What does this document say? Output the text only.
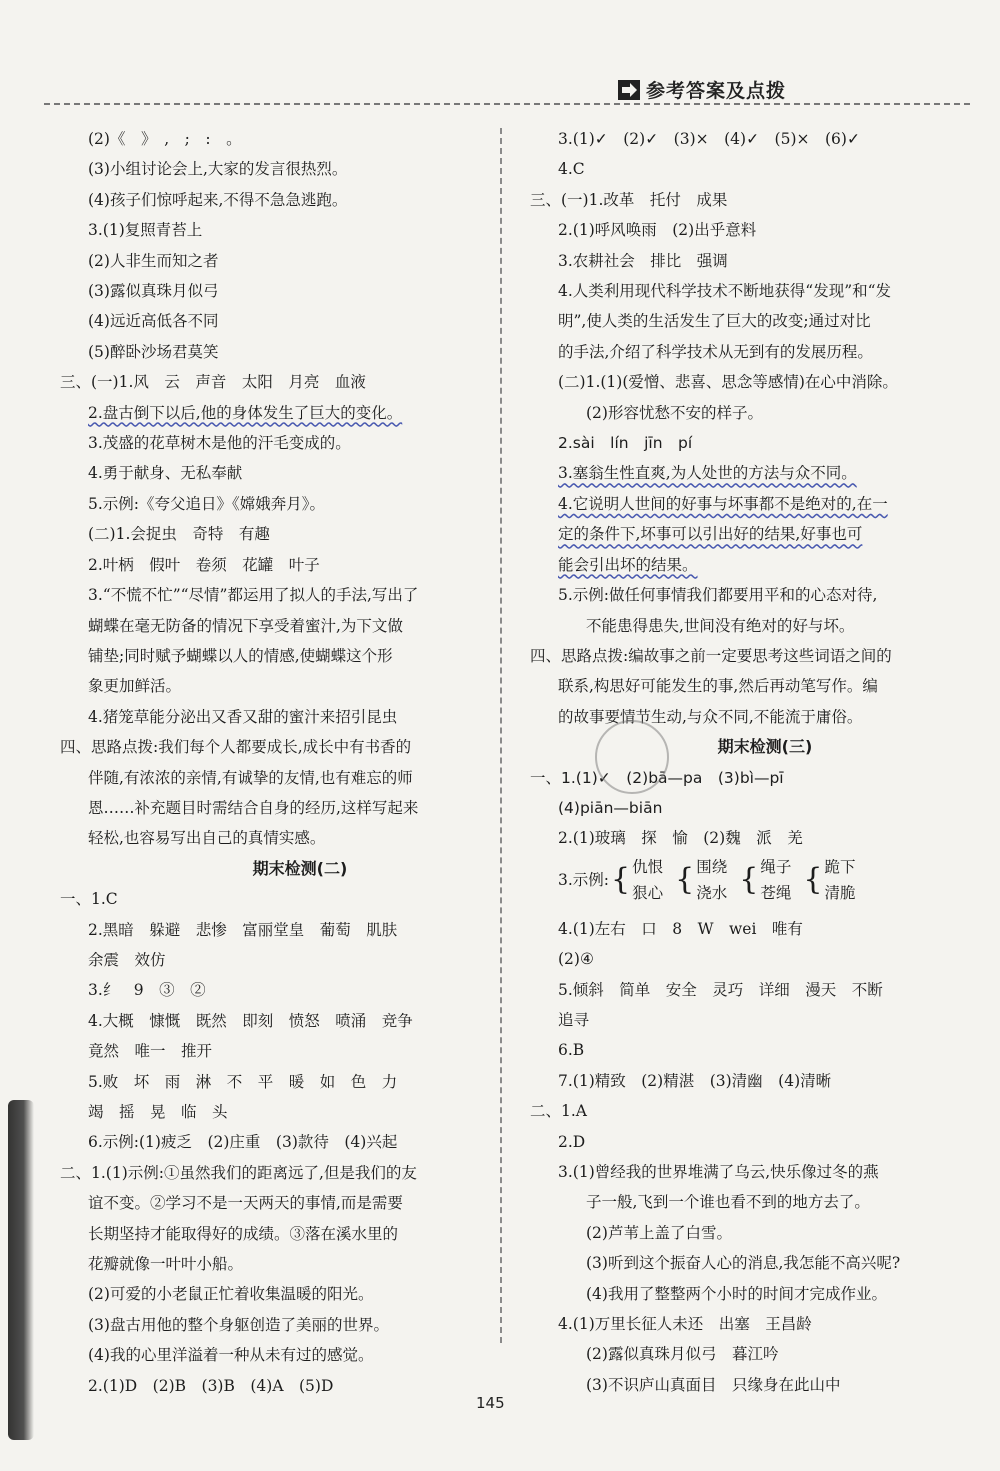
参考答案及点拨
(2)《　》　,　;　:　。
(3)小组讨论会上,大家的发言很热烈。
(4)孩子们惊呼起来,不得不急急逃跑。
3.(1)复照青苔上
(2)人非生而知之者
(3)露似真珠月似弓
(4)远近高低各不同
(5)醉卧沙场君莫笑
三、(一)1.风　云　声音　太阳　月亮　血液
2.盘古倒下以后,他的身体发生了巨大的变化。
3.茂盛的花草树木是他的汗毛变成的。
4.勇于献身、无私奉献
5.示例:《夸父追日》《嫦娥奔月》。
(二)1.会捉虫　奇特　有趣
2.叶柄　假叶　卷须　花罐　叶子
3.“不慌不忙”“尽情”都运用了拟人的手法,写出了
蝴蝶在毫无防备的情况下享受着蜜汁,为下文做
铺垫;同时赋予蝴蝶以人的情感,使蝴蝶这个形
象更加鲜活。
4.猪笼草能分泌出又香又甜的蜜汁来招引昆虫
四、思路点拨:我们每个人都要成长,成长中有书香的
伴随,有浓浓的亲情,有诚挚的友情,也有难忘的师
恩……补充题目时需结合自身的经历,这样写起来
轻松,也容易写出自己的真情实感。
期末检测(二)
一、1.C
2.黑暗　躲避　悲惨　富丽堂皇　葡萄　肌肤
余震　效仿
3.纟　9　③　②
4.大概　慷慨　既然　即刻　愤怒　喷涌　竞争
竟然　唯一　推开
5.败　坏　雨　淋　不　平　暖　如　色　力
竭　摇　晃　临　头
6.示例:(1)疲乏　(2)庄重　(3)款待　(4)兴起
二、1.(1)示例:①虽然我们的距离远了,但是我们的友
谊不变。②学习不是一天两天的事情,而是需要
长期坚持才能取得好的成绩。③落在溪水里的
花瓣就像一叶叶小船。
(2)可爱的小老鼠正忙着收集温暖的阳光。
(3)盘古用他的整个身躯创造了美丽的世界。
(4)我的心里洋溢着一种从未有过的感觉。
2.(1)D　(2)B　(3)B　(4)A　(5)D
3.(1)✓　(2)✓　(3)×　(4)✓　(5)×　(6)✓
4.C
三、(一)1.改革　托付　成果
2.(1)呼风唤雨　(2)出乎意料
3.农耕社会　排比　强调
4.人类利用现代科学技术不断地获得“发现”和“发
明”,使人类的生活发生了巨大的改变;通过对比
的手法,介绍了科学技术从无到有的发展历程。
(二)1.(1)(爱憎、悲喜、思念等感情)在心中消除。
(2)形容忧愁不安的样子。
2.sài　lín　jīn　pí
3.塞翁生性直爽,为人处世的方法与众不同。
4.它说明人世间的好事与坏事都不是绝对的,在一
定的条件下,坏事可以引出好的结果,好事也可
能会引出坏的结果。
5.示例:做任何事情我们都要用平和的心态对待,
不能患得患失,世间没有绝对的好与坏。
四、思路点拨:编故事之前一定要思考这些词语之间的
联系,构思好可能发生的事,然后再动笔写作。编
的故事要情节生动,与众不同,不能流于庸俗。
期末检测(三)
一、1.(1)✓　(2)bā—pa　(3)bì—pī
(4)piān—biān
2.(1)玻璃　探　愉　(2)魏　派　羌
3.示例:{ 仇恨
狠心 { 围绕
浇水 { 绳子
苍绳 { 跪下
清脆
4.(1)左右　口　8　W　wei　唯有
(2)④
5.倾斜　简单　安全　灵巧　详细　漫天　不断
追寻
6.B
7.(1)精致　(2)精湛　(3)清幽　(4)清晰
二、1.A
2.D
3.(1)曾经我的世界堆满了乌云,快乐像过冬的燕
子一般,飞到一个谁也看不到的地方去了。
(2)芦苇上盖了白雪。
(3)听到这个振奋人心的消息,我怎能不高兴呢?
(4)我用了整整两个小时的时间才完成作业。
4.(1)万里长征人未还　出塞　王昌龄
(2)露似真珠月似弓　暮江吟
(3)不识庐山真面目　只缘身在此山中
145
